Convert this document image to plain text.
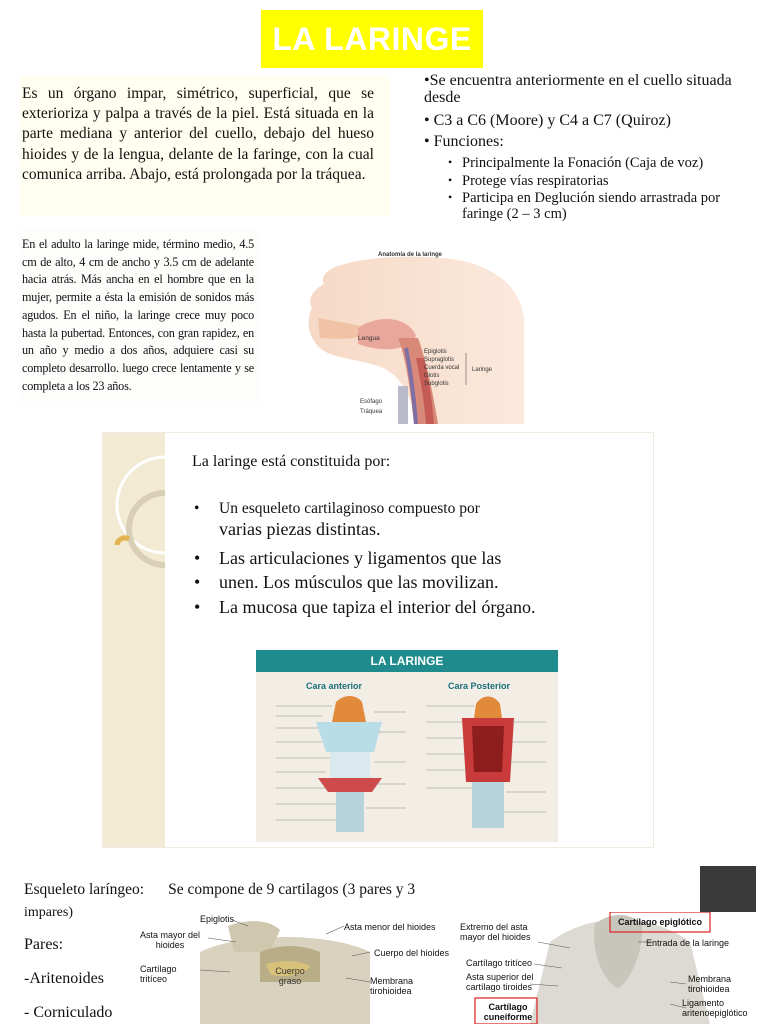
LA LARINGE
Es un órgano impar, simétrico, superficial, que se exterioriza y palpa a través de la piel. Está situada en la parte mediana y anterior del cuello, debajo del hueso hioides y de la lengua, delante de la faringe, con la cual comunica arriba. Abajo, está prolongada por la tráquea.

•Se encuentra anteriormente en el cuello situada desde

• C3 a C6 (Moore) y C4 a C7 (Quiroz)

• Funciones:

• Principalmente la Fonación (Caja de voz)
• Protege vías respiratorias
• Participa en Deglución siendo arrastrada por faringe (2 – 3 cm)
En el adulto la laringe mide, término medio, 4.5 cm de alto, 4 cm de ancho y 3.5 cm de adelante hacia atrás. Más ancha en el hombre que en la mujer, permite a ésta la emisión de sonidos más agudos. En el niño, la laringe crece muy poco hasta la pubertad. Entonces, con gran rapidez, en un año y medio a dos años, adquiere casi su completo desarrollo. luego crece lentamente y se completa a los 23 años.
Anatomía de la laringe
Lengua
Epiglotis
Supraglotis
Cuerda vocal
Glotis
Subglotis
Laringe
Esófago
Tráquea
La laringe está constituida por:
• Un esqueleto cartilaginoso compuesto por
varias piezas distintas.
• Las articulaciones y ligamentos que las
• unen. Los músculos que las movilizan.
• La mucosa que tapiza el interior del órgano.
LA LARINGE
Cara anterior	Cara Posterior
Esqueleto laríngeo: Se compone de 9 cartilagos (3 pares y 3
impares)
Pares:
-Aritenoides
- Corniculado
Epiglotis
Asta mayor del hioides
Cartílago tritíceo
Asta menor del hioides
Cuerpo del hioides
Cuerpo graso	Membrana tirohioidea
Extremo del asta mayor del hioides
Cartílago tritíceo
Asta superior del cartílago tiroides
Cartílago cuneiforme
Cartílago epiglótico
Entrada de la laringe
Membrana tirohioidea
Ligamento aritenoepiglótico
